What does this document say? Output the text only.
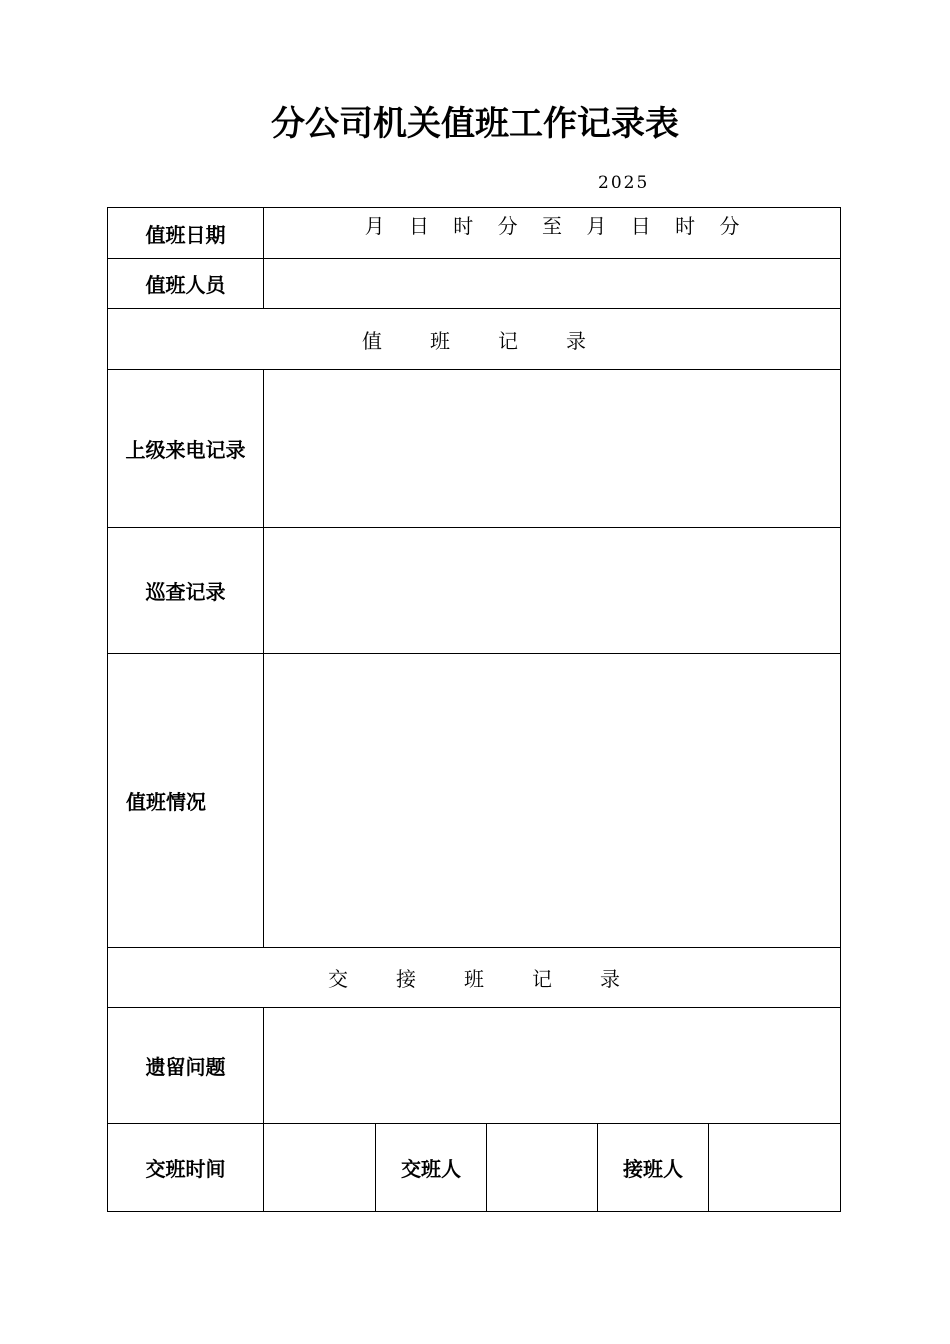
分公司机关值班工作记录表
2025
值班日期	月 日 时 分 至 月 日 时 分				
值班人员					
值 班 记 录					
上级来电记录					
巡查记录					
值班情况					
交 接 班 记 录					
遗留问题					
交班时间		交班人		接班人	
